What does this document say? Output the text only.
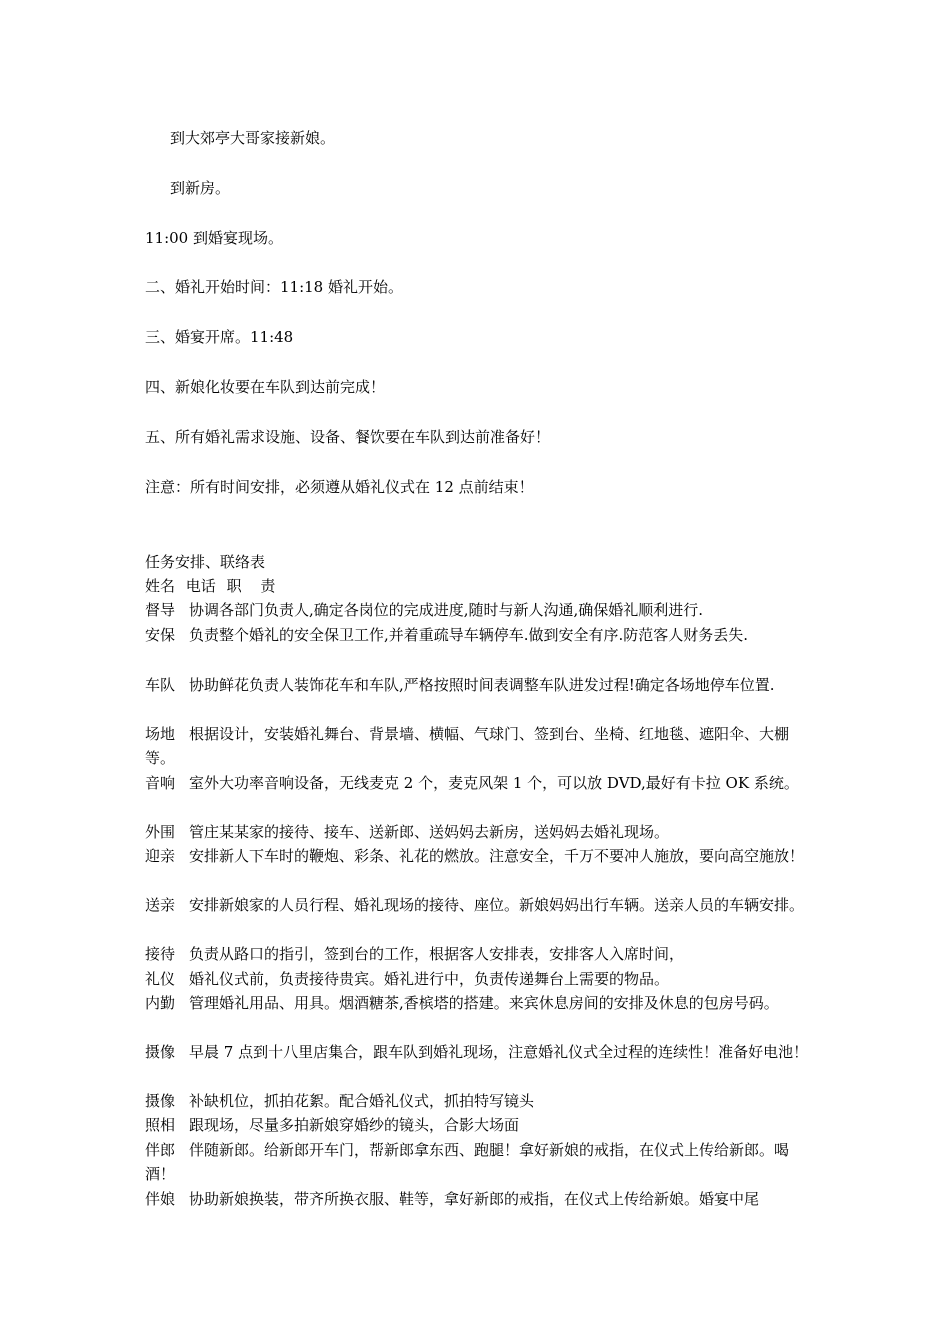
到大郊亭大哥家接新娘。
到新房。
11:00 到婚宴现场。
二、婚礼开始时间：11:18 婚礼开始。
三、婚宴开席。11:48
四、新娘化妆要在车队到达前完成！
五、所有婚礼需求设施、设备、餐饮要在车队到达前准备好！
注意：所有时间安排，必须遵从婚礼仪式在 12 点前结束！
任务安排、联络表
姓名 电话 职 责
督导 协调各部门负责人,确定各岗位的完成进度,随时与新人沟通,确保婚礼顺利进行.
安保 负责整个婚礼的安全保卫工作,并着重疏导车辆停车.做到安全有序.防范客人财务丢失.
车队 协助鲜花负责人装饰花车和车队,严格按照时间表调整车队进发过程!确定各场地停车位置.
场地 根据设计，安装婚礼舞台、背景墙、横幅、气球门、签到台、坐椅、红地毯、遮阳伞、大棚等。
音响 室外大功率音响设备，无线麦克 2 个，麦克风架 1 个，可以放 DVD,最好有卡拉 OK 系统。
外围 管庄某某家的接待、接车、送新郎、送妈妈去新房，送妈妈去婚礼现场。
迎亲 安排新人下车时的鞭炮、彩条、礼花的燃放。注意安全，千万不要冲人施放，要向高空施放！
送亲 安排新娘家的人员行程、婚礼现场的接待、座位。新娘妈妈出行车辆。送亲人员的车辆安排。
接待 负责从路口的指引，签到台的工作，根据客人安排表，安排客人入席时间，
礼仪 婚礼仪式前，负责接待贵宾。婚礼进行中，负责传递舞台上需要的物品。
内勤 管理婚礼用品、用具。烟酒糖茶,香槟塔的搭建。来宾休息房间的安排及休息的包房号码。
摄像 早晨 7 点到十八里店集合，跟车队到婚礼现场，注意婚礼仪式全过程的连续性！准备好电池！
摄像 补缺机位，抓拍花絮。配合婚礼仪式，抓拍特写镜头
照相 跟现场，尽量多拍新娘穿婚纱的镜头，合影大场面
伴郎 伴随新郎。给新郎开车门，帮新郎拿东西、跑腿！拿好新娘的戒指，在仪式上传给新郎。喝酒！
伴娘 协助新娘换装，带齐所换衣服、鞋等，拿好新郎的戒指，在仪式上传给新娘。婚宴中尾
